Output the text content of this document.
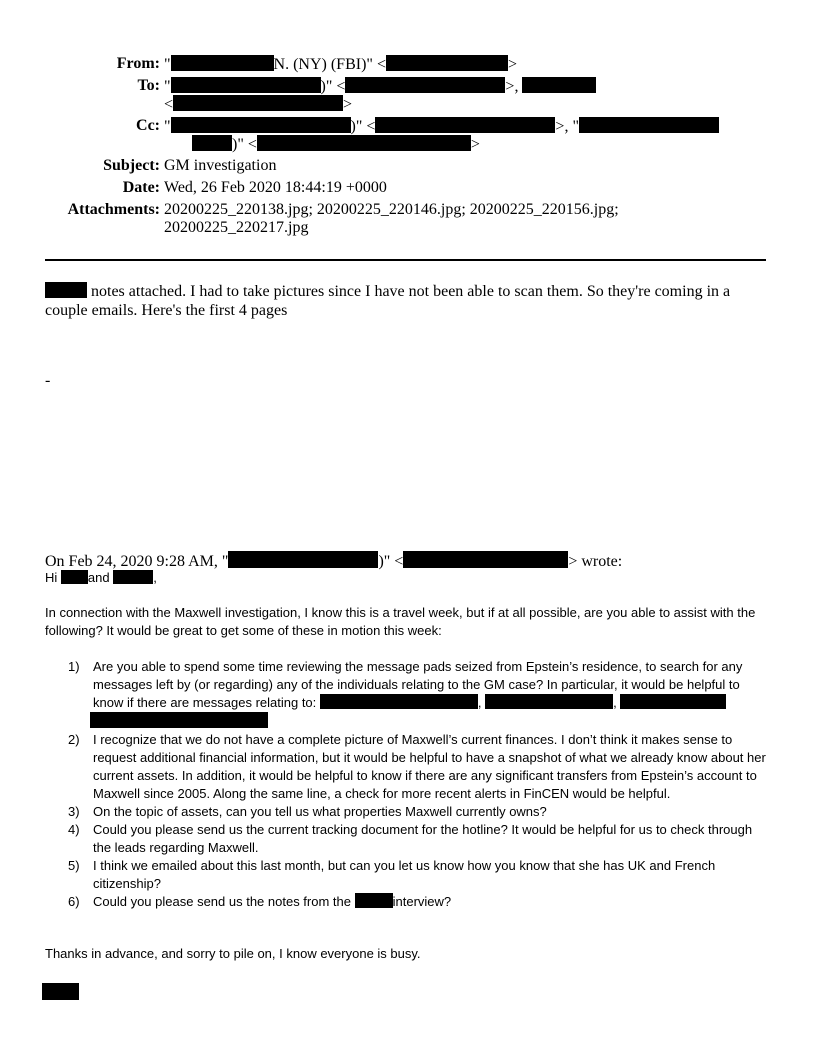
From: "	N. (NY) (FBI)" <	>
To: "	)" <	>,
<	>
Cc: "	)" <	>, "
)" <	>
Subject: GM investigation
Date: Wed, 26 Feb 2020 18:44:19 +0000
Attachments: 20200225_220138.jpg; 20200225_220146.jpg; 20200225_220156.jpg;
20200225_220217.jpg
notes attached. I had to take pictures since I have not been able to scan them. So they're coming in a
couple emails. Here's the first 4 pages
-
On Feb 24, 2020 9:28 AM, "	)" <	> wrote:
Hi and	,
In connection with the Maxwell investigation, I know this is a travel week, but if at all possible, are you able to assist with the following? It would be great to get some of these in motion this week:
1) Are you able to spend some time reviewing the message pads seized from Epstein’s residence, to search for any messages left by (or regarding) any of the individuals relating to the GM case? In particular, it would be helpful to know if there are messages relating to:	,	,
2) I recognize that we do not have a complete picture of Maxwell’s current finances. I don’t think it makes sense to request additional financial information, but it would be helpful to have a snapshot of what we already know about her current assets. In addition, it would be helpful to know if there are any significant transfers from Epstein’s account to Maxwell since 2005. Along the same line, a check for more recent alerts in FinCEN would be helpful.
3) On the topic of assets, can you tell us what properties Maxwell currently owns?
4) Could you please send us the current tracking document for the hotline? It would be helpful for us to check through the leads regarding Maxwell.
5) I think we emailed about this last month, but can you let us know how you know that she has UK and French citizenship?
6) Could you please send us the notes from the	interview?
Thanks in advance, and sorry to pile on, I know everyone is busy.
